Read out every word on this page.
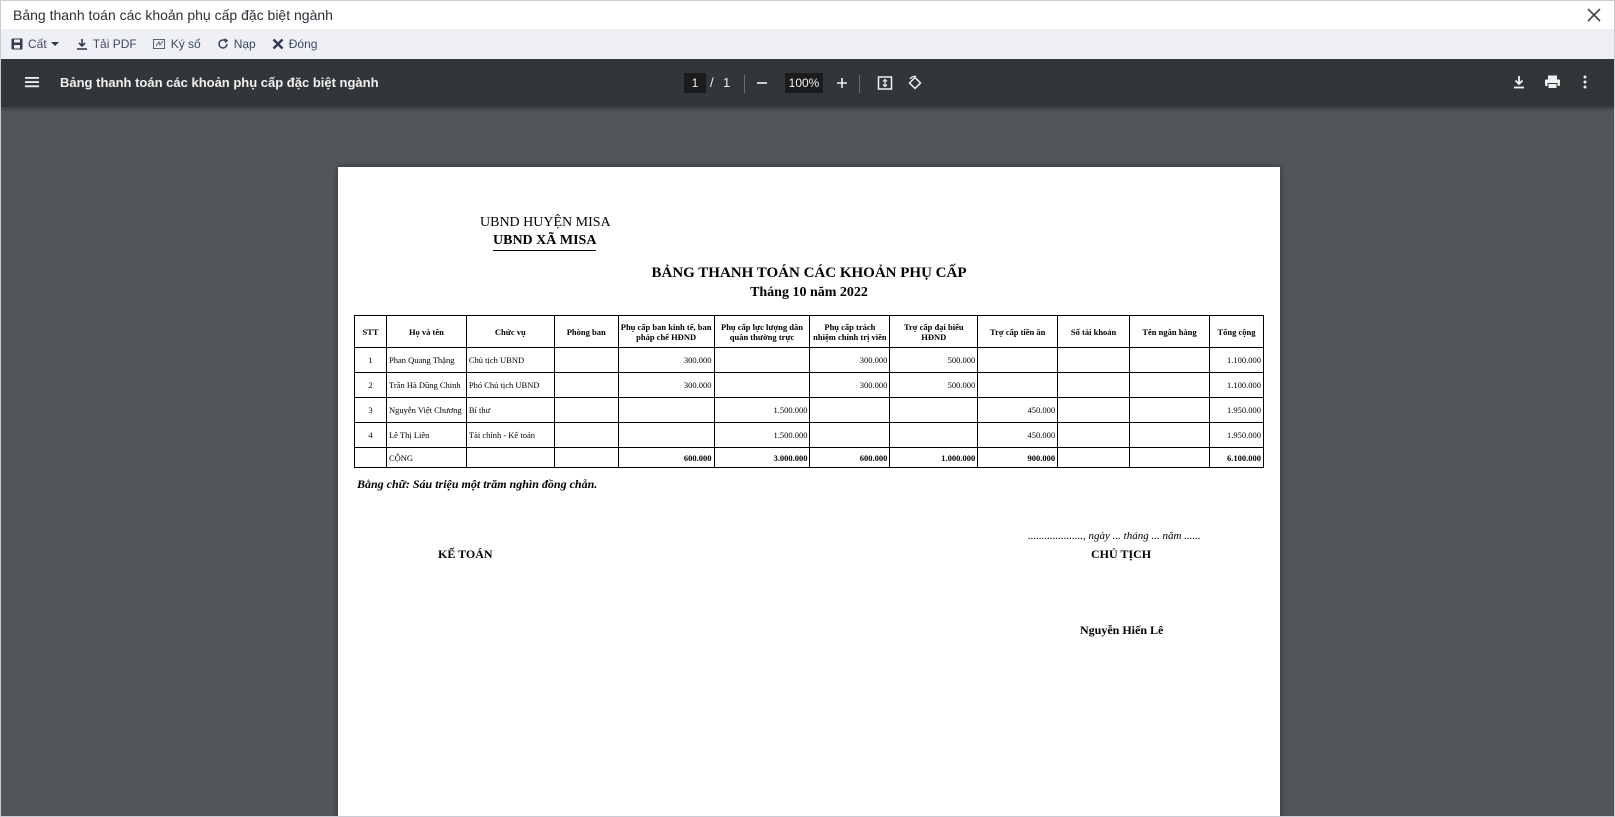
Bảng thanh toán các khoản phụ cấp đặc biệt ngành
Cất	Tải PDF	Ký số	Nạp	Đóng
Bảng thanh toán các khoản phụ cấp đặc biệt ngành	1 / 1	100%
UBND HUYỆN MISA
UBND XÃ MISA
BẢNG THANH TOÁN CÁC KHOẢN PHỤ CẤP
Tháng 10 năm 2022
STT	Họ và tên	Chức vụ	Phòng ban	Phụ cấp ban kinh tế, ban pháp chế HĐND	Phụ cấp lực lượng dân quân thường trực	Phụ cấp trách nhiệm chính trị viên	Trợ cấp đại biểu HĐND	Trợ cấp tiền ăn	Số tài khoản	Tên ngân hàng	Tổng cộng
1	Phan Quang Thặng	Chủ tịch UBND		300.000		300.000	500.000				1.100.000
2	Trần Hà Dũng Chinh	Phó Chủ tịch UBND		300.000		300.000	500.000				1.100.000
3	Nguyễn Việt Chương	Bí thư			1.500.000			450.000			1.950.000
4	Lê Thị Liên	Tài chính - Kế toán			1.500.000			450.000			1.950.000
	CỘNG			600.000	3.000.000	600.000	1.000.000	900.000			6.100.000
Bằng chữ: Sáu triệu một trăm nghìn đồng chẵn.
...................., ngày ... tháng ... năm ......
KẾ TOÁN	CHỦ TỊCH
Nguyễn Hiến Lê
